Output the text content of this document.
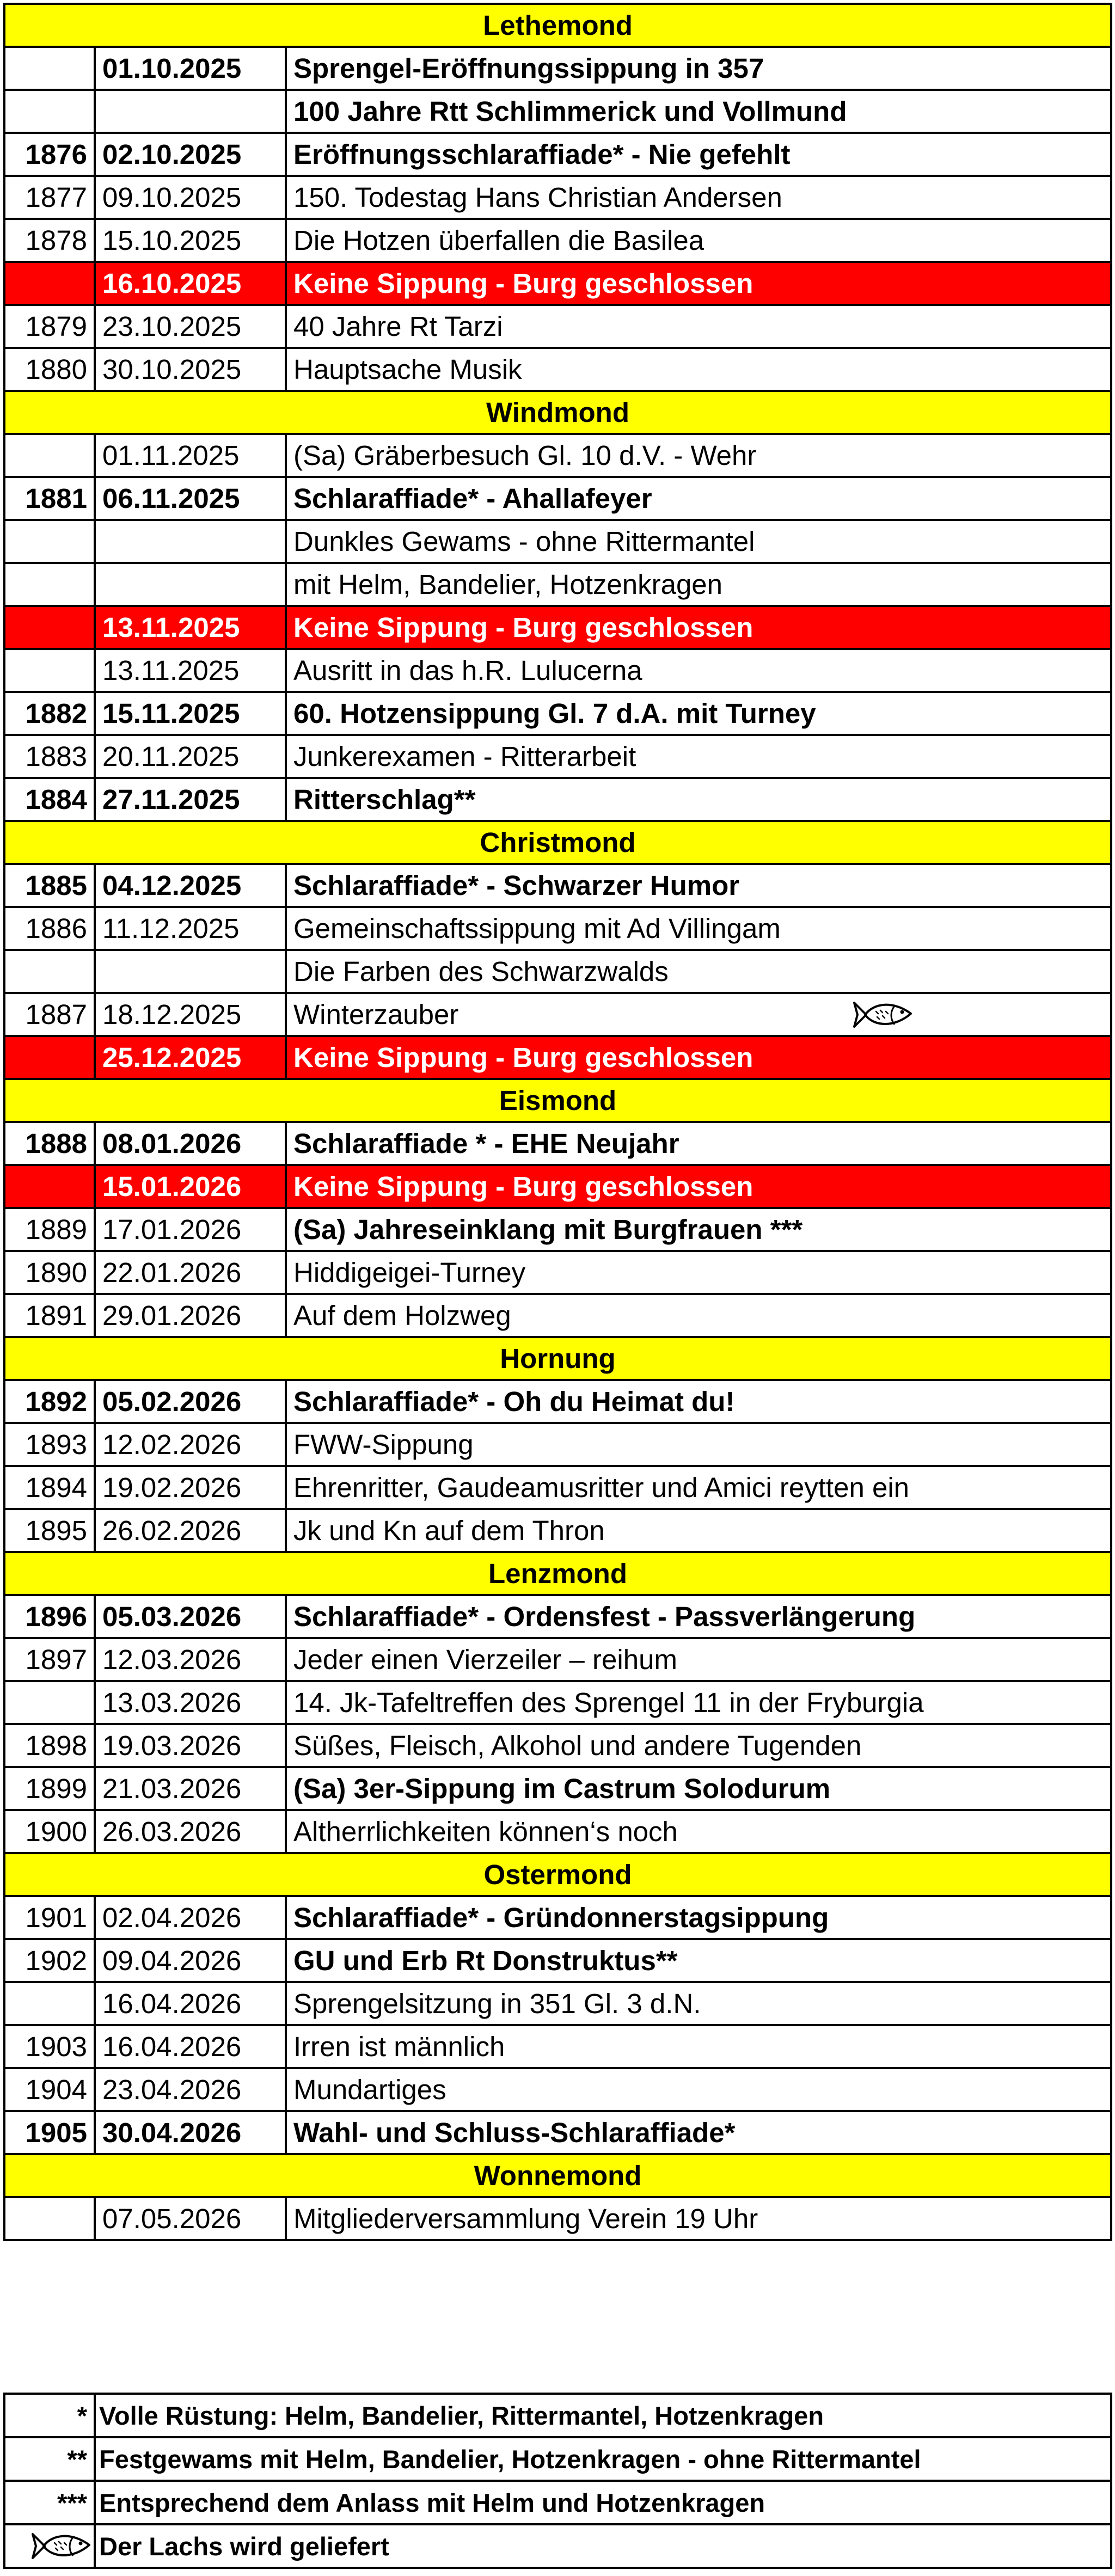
Lethemond		
	01.10.2025	Sprengel-Eröffnungssippung in 357
		100 Jahre Rtt Schlimmerick und Vollmund
1876	02.10.2025	Eröffnungsschlaraffiade* - Nie gefehlt
1877	09.10.2025	150. Todestag Hans Christian Andersen
1878	15.10.2025	Die Hotzen überfallen die Basilea
	16.10.2025	Keine Sippung - Burg geschlossen
1879	23.10.2025	40 Jahre Rt Tarzi
1880	30.10.2025	Hauptsache Musik
Windmond		
	01.11.2025	(Sa) Gräberbesuch Gl. 10 d.V. - Wehr
1881	06.11.2025	Schlaraffiade* - Ahallafeyer
		Dunkles Gewams - ohne Rittermantel
		mit Helm, Bandelier, Hotzenkragen
	13.11.2025	Keine Sippung - Burg geschlossen
	13.11.2025	Ausritt in das h.R. Lulucerna
1882	15.11.2025	60. Hotzensippung Gl. 7 d.A. mit Turney
1883	20.11.2025	Junkerexamen - Ritterarbeit
1884	27.11.2025	Ritterschlag**
Christmond		
1885	04.12.2025	Schlaraffiade* - Schwarzer Humor
1886	11.12.2025	Gemeinschaftssippung mit Ad Villingam
		Die Farben des Schwarzwalds
1887	18.12.2025	Winterzauber

	25.12.2025	Keine Sippung - Burg geschlossen
Eismond		
1888	08.01.2026	Schlaraffiade * - EHE Neujahr
	15.01.2026	Keine Sippung - Burg geschlossen
1889	17.01.2026	(Sa) Jahreseinklang mit Burgfrauen ***
1890	22.01.2026	Hiddigeigei-Turney
1891	29.01.2026	Auf dem Holzweg
Hornung		
1892	05.02.2026	Schlaraffiade* - Oh du Heimat du!
1893	12.02.2026	FWW-Sippung
1894	19.02.2026	Ehrenritter, Gaudeamusritter und Amici reytten ein
1895	26.02.2026	Jk und Kn auf dem Thron
Lenzmond		
1896	05.03.2026	Schlaraffiade* - Ordensfest - Passverlängerung
1897	12.03.2026	Jeder einen Vierzeiler – reihum
	13.03.2026	14. Jk-Tafeltreffen des Sprengel 11 in der Fryburgia
1898	19.03.2026	Süßes, Fleisch, Alkohol und andere Tugenden
1899	21.03.2026	(Sa) 3er-Sippung im Castrum Solodurum
1900	26.03.2026	Altherrlichkeiten können‘s noch
Ostermond		
1901	02.04.2026	Schlaraffiade* - Gründonnerstagsippung
1902	09.04.2026	GU und Erb Rt Donstruktus**
	16.04.2026	Sprengelsitzung in 351 Gl. 3 d.N.
1903	16.04.2026	Irren ist männlich
1904	23.04.2026	Mundartiges
1905	30.04.2026	Wahl- und Schluss-Schlaraffiade*
Wonnemond		
	07.05.2026	Mitgliederversammlung Verein 19 Uhr
*	Volle Rüstung: Helm, Bandelier, Rittermantel, Hotzenkragen
**	Festgewams mit Helm, Bandelier, Hotzenkragen - ohne Rittermantel
***	Entsprechend dem Anlass mit Helm und Hotzenkragen

	Der Lachs wird geliefert
